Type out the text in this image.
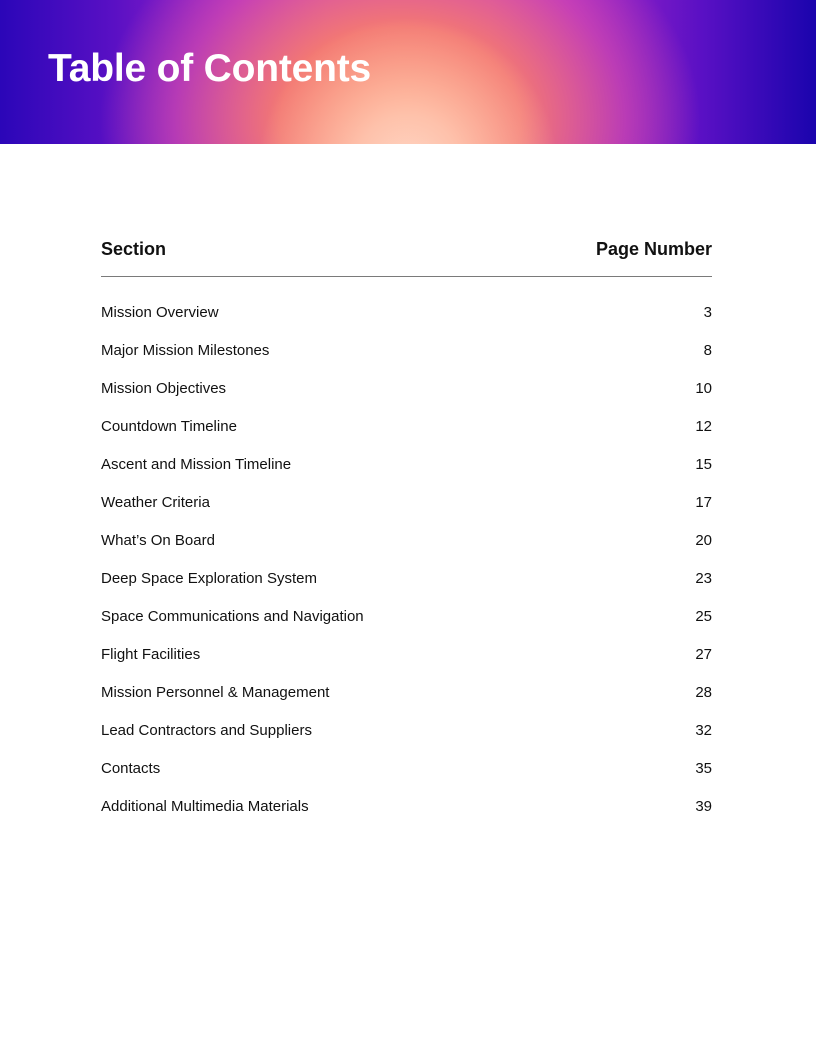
Table of Contents
Section	Page Number
Mission Overview	3
Major Mission Milestones	8
Mission Objectives	10
Countdown Timeline	12
Ascent and Mission Timeline	15
Weather Criteria	17
What’s On Board	20
Deep Space Exploration System	23
Space Communications and Navigation	25
Flight Facilities	27
Mission Personnel & Management	28
Lead Contractors and Suppliers	32
Contacts	35
Additional Multimedia Materials	39
